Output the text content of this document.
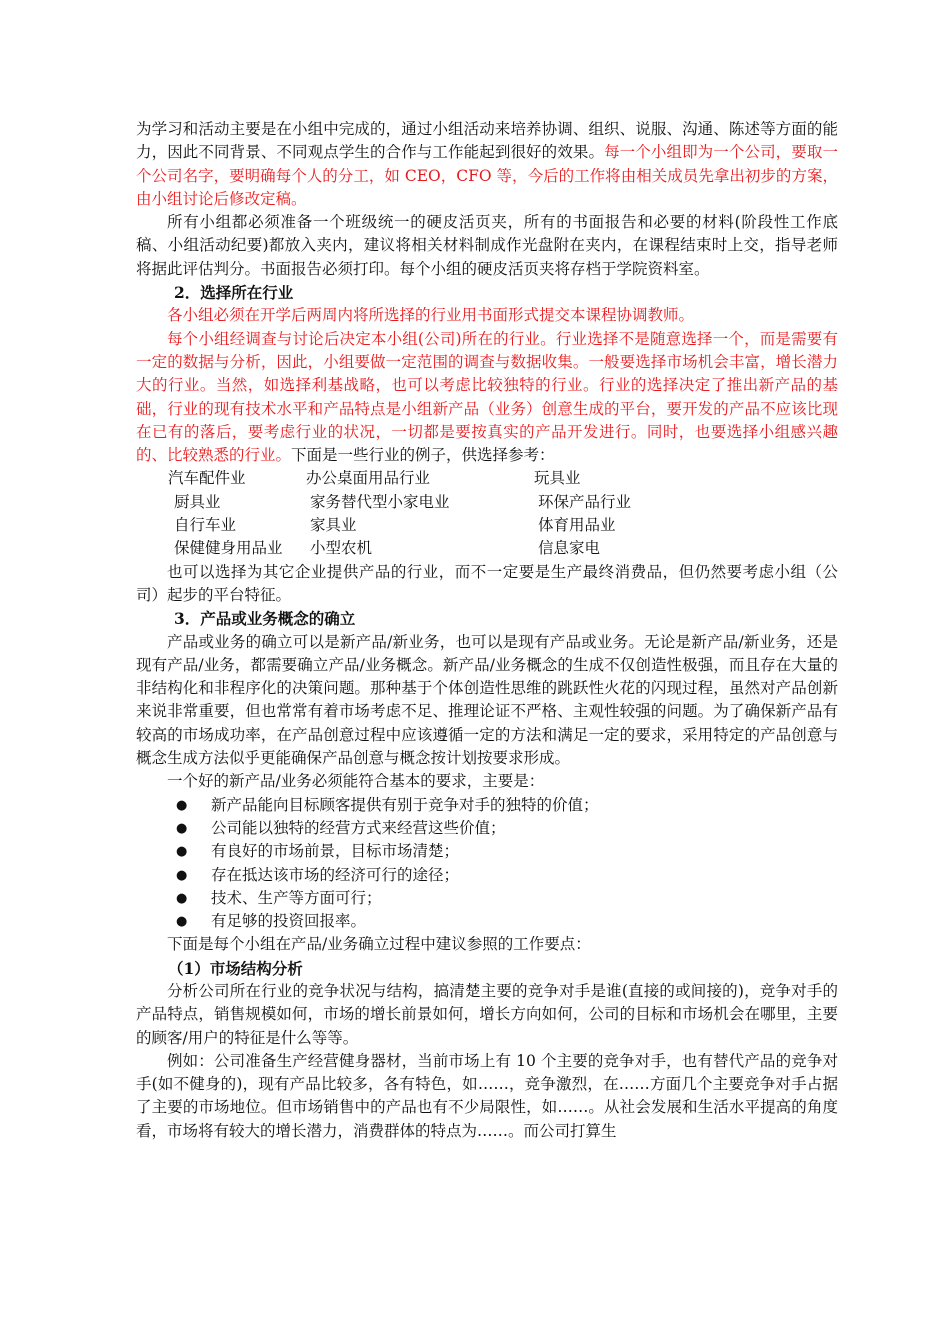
为学习和活动主要是在小组中完成的，通过小组活动来培养协调、组织、说服、沟通、陈述等方面的能力，因此不同背景、不同观点学生的合作与工作能起到很好的效果。每一个小组即为一个公司，要取一个公司名字，要明确每个人的分工，如 CEO，CFO 等，今后的工作将由相关成员先拿出初步的方案，由小组讨论后修改定稿。

所有小组都必须准备一个班级统一的硬皮活页夹，所有的书面报告和必要的材料(阶段性工作底稿、小组活动纪要)都放入夹内，建议将相关材料制成作光盘附在夹内，在课程结束时上交，指导老师将据此评估判分。书面报告必须打印。每个小组的硬皮活页夹将存档于学院资料室。

2．选择所在行业

各小组必须在开学后两周内将所选择的行业用书面形式提交本课程协调教师。

每个小组经调查与讨论后决定本小组(公司)所在的行业。行业选择不是随意选择一个，而是需要有一定的数据与分析，因此，小组要做一定范围的调查与数据收集。一般要选择市场机会丰富，增长潜力大的行业。当然，如选择利基战略，也可以考虑比较独特的行业。行业的选择决定了推出新产品的基础，行业的现有技术水平和产品特点是小组新产品（业务）创意生成的平台，要开发的产品不应该比现在已有的落后，要考虑行业的状况，一切都是要按真实的产品开发进行。同时，也要选择小组感兴趣的、比较熟悉的行业。下面是一些行业的例子，供选择参考：

汽车配件业	办公桌面用品行业	玩具业
厨具业	家务替代型小家电业	环保产品行业
自行车业	家具业	体育用品业
保健健身用品业	小型农机	信息家电

也可以选择为其它企业提供产品的行业，而不一定要是生产最终消费品，但仍然要考虑小组（公司）起步的平台特征。

3．产品或业务概念的确立

产品或业务的确立可以是新产品/新业务，也可以是现有产品或业务。无论是新产品/新业务，还是现有产品/业务，都需要确立产品/业务概念。新产品/业务概念的生成不仅创造性极强，而且存在大量的非结构化和非程序化的决策问题。那种基于个体创造性思维的跳跃性火花的闪现过程，虽然对产品创新来说非常重要，但也常常有着市场考虑不足、推理论证不严格、主观性较强的问题。为了确保新产品有较高的市场成功率，在产品创意过程中应该遵循一定的方法和满足一定的要求，采用特定的产品创意与概念生成方法似乎更能确保产品创意与概念按计划按要求形成。

一个好的新产品/业务必须能符合基本的要求，主要是：

●	新产品能向目标顾客提供有别于竞争对手的独特的价值；
●	公司能以独特的经营方式来经营这些价值；
●	有良好的市场前景，目标市场清楚；
●	存在抵达该市场的经济可行的途径；
●	技术、生产等方面可行；
●	有足够的投资回报率。

下面是每个小组在产品/业务确立过程中建议参照的工作要点：

（1）市场结构分析

分析公司所在行业的竞争状况与结构，搞清楚主要的竞争对手是谁(直接的或间接的)，竞争对手的产品特点，销售规模如何，市场的增长前景如何，增长方向如何，公司的目标和市场机会在哪里，主要的顾客/用户的特征是什么等等。

例如：公司准备生产经营健身器材，当前市场上有 10 个主要的竞争对手，也有替代产品的竞争对手(如不健身的)，现有产品比较多，各有特色，如……，竞争激烈，在……方面几个主要竞争对手占据了主要的市场地位。但市场销售中的产品也有不少局限性，如……。从社会发展和生活水平提高的角度看，市场将有较大的增长潜力，消费群体的特点为……。而公司打算生
